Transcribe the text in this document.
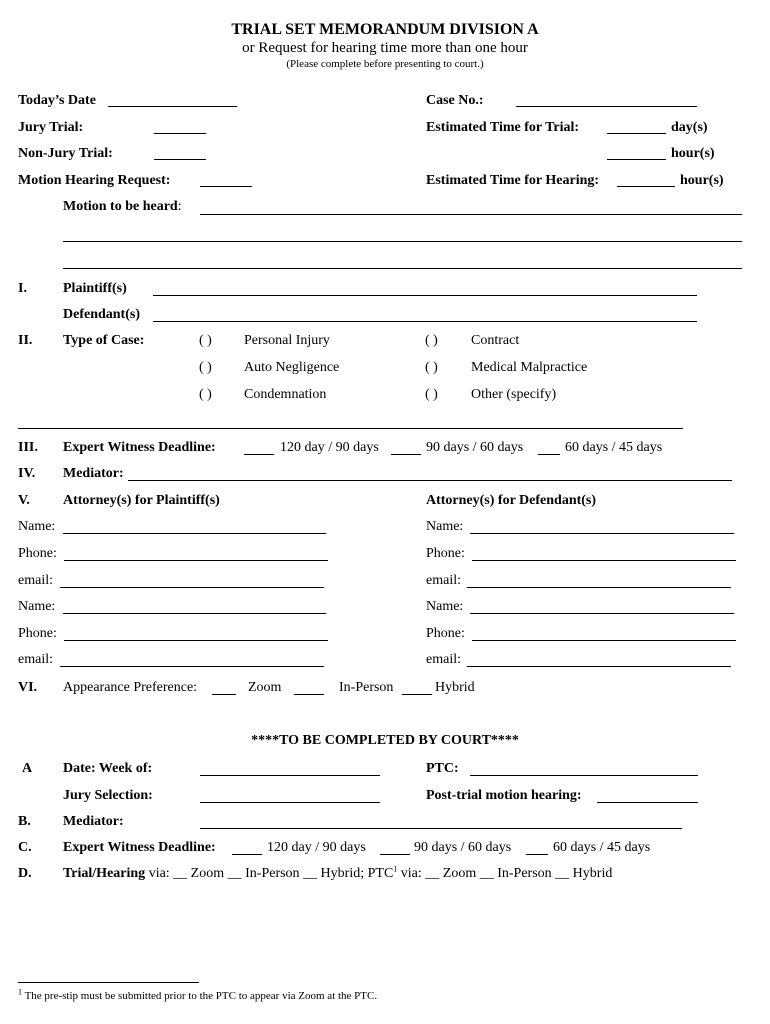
TRIAL SET MEMORANDUM DIVISION A
or Request for hearing time more than one hour
(Please complete before presenting to court.)
Today’s Date	Case No.:
Jury Trial:	Estimated Time for Trial:	day(s)
Non-Jury Trial:	hour(s)
Motion Hearing Request:	Estimated Time for Hearing:	hour(s)
Motion to be heard:
I.	Plaintiff(s)
Defendant(s)
II. Type of Case:	( ) Personal Injury	( ) Contract
( ) Auto Negligence	( ) Medical Malpractice
( ) Condemnation	( ) Other (specify)
III. Expert Witness Deadline:	120 day / 90 days	90 days / 60 days	60 days / 45 days
IV. Mediator:
V. Attorney(s) for Plaintiff(s)	Attorney(s) for Defendant(s)
Name:	Name:
Phone:	Phone:
email:	email:
Name:	Name:
Phone:	Phone:
email:	email:
VI. Appearance Preference:	Zoom	In-Person	Hybrid
****TO BE COMPLETED BY COURT****
A Date: Week of:	PTC:
Jury Selection:	Post-trial motion hearing:
B. Mediator:
C. Expert Witness Deadline:	120 day / 90 days	90 days / 60 days	60 days / 45 days
D. Trial/Hearing via: __ Zoom __ In-Person __ Hybrid; PTC$^1$ via: __ Zoom __ In-Person __ Hybrid
$^1$ The pre-stip must be submitted prior to the PTC to appear via Zoom at the PTC.
